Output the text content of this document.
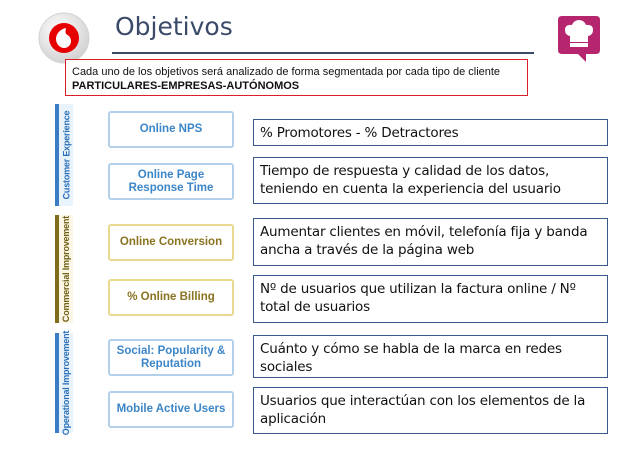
Objetivos
Cada uno de los objetivos será analizado de forma segmentada por cada tipo de cliente
PARTICULARES-EMPRESAS-AUTÓNOMOS
Customer Experience
Commercial Improvement
Operational Improvement
Online NPS
Online Page Response Time
Online Conversion
% Online Billing
Social: Popularity & Reputation
Mobile Active Users
% Promotores - % Detractores
Tiempo de respuesta y calidad de los datos, teniendo en cuenta la experiencia del usuario
Aumentar clientes en móvil, telefonía fija y banda ancha a través de la página web
Nº de usuarios que utilizan la factura online / Nº total de usuarios
Cuánto y cómo se habla de la marca en redes sociales
Usuarios que interactúan con los elementos de la aplicación
